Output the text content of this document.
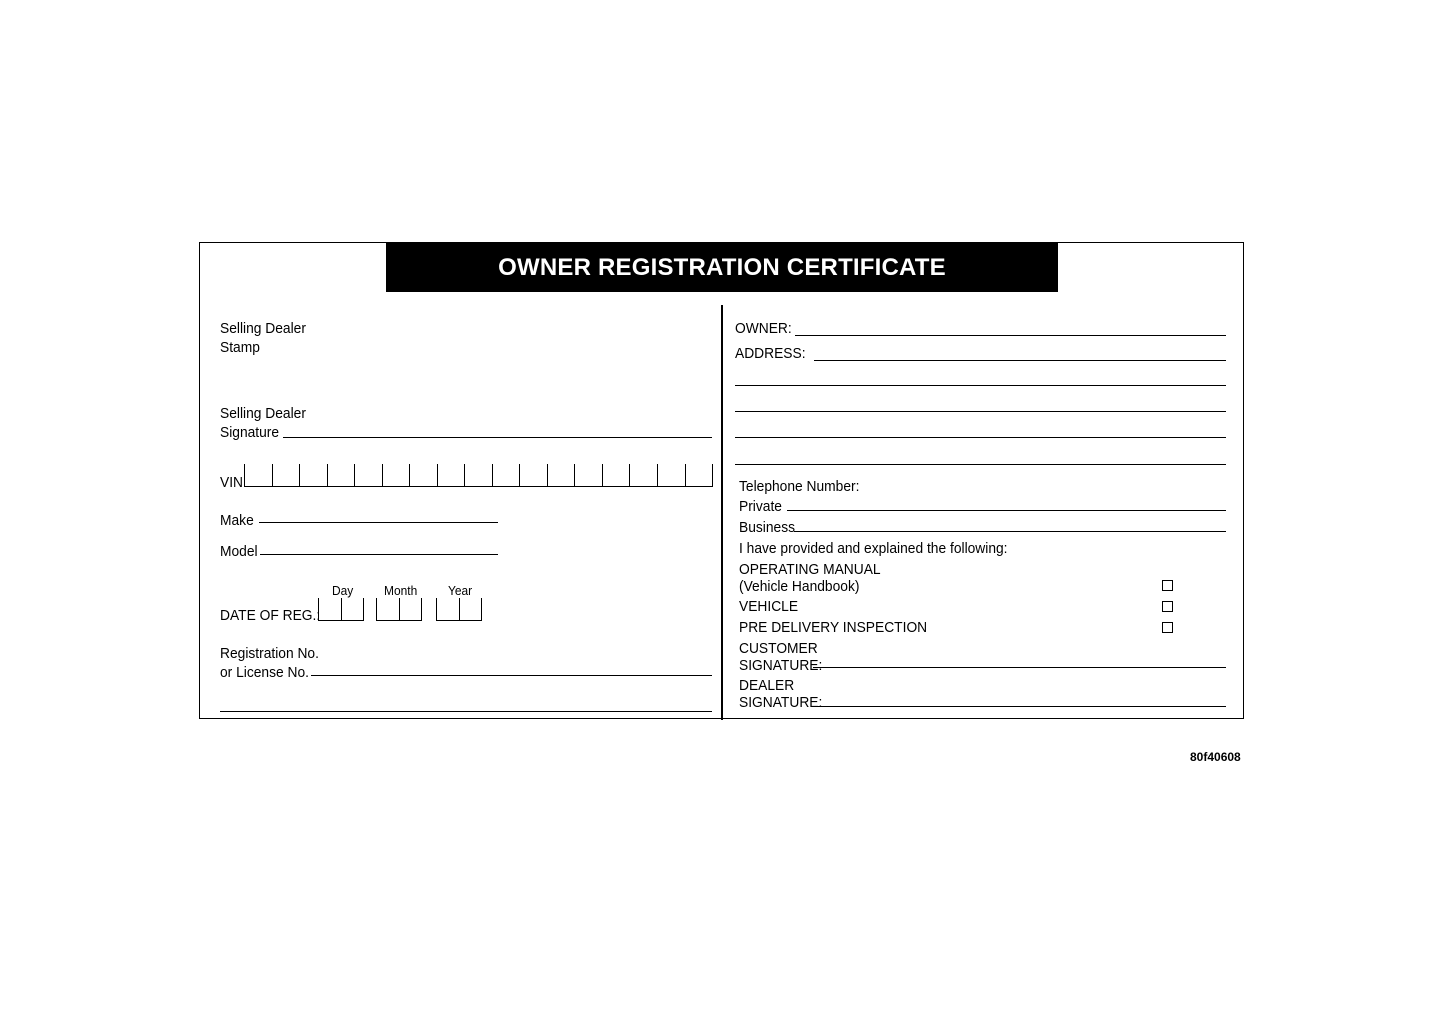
OWNER REGISTRATION CERTIFICATE
Selling Dealer
Stamp
Selling Dealer
Signature
VIN
Make
Model
Day Month Year
DATE OF REG.:
Registration No.
or License No.
OWNER:
ADDRESS:
Telephone Number:
Private
Business
I have provided and explained the following:
OPERATING MANUAL
(Vehicle Handbook)
VEHICLE
PRE DELIVERY INSPECTION
CUSTOMER
SIGNATURE:
DEALER
SIGNATURE:
80f40608
